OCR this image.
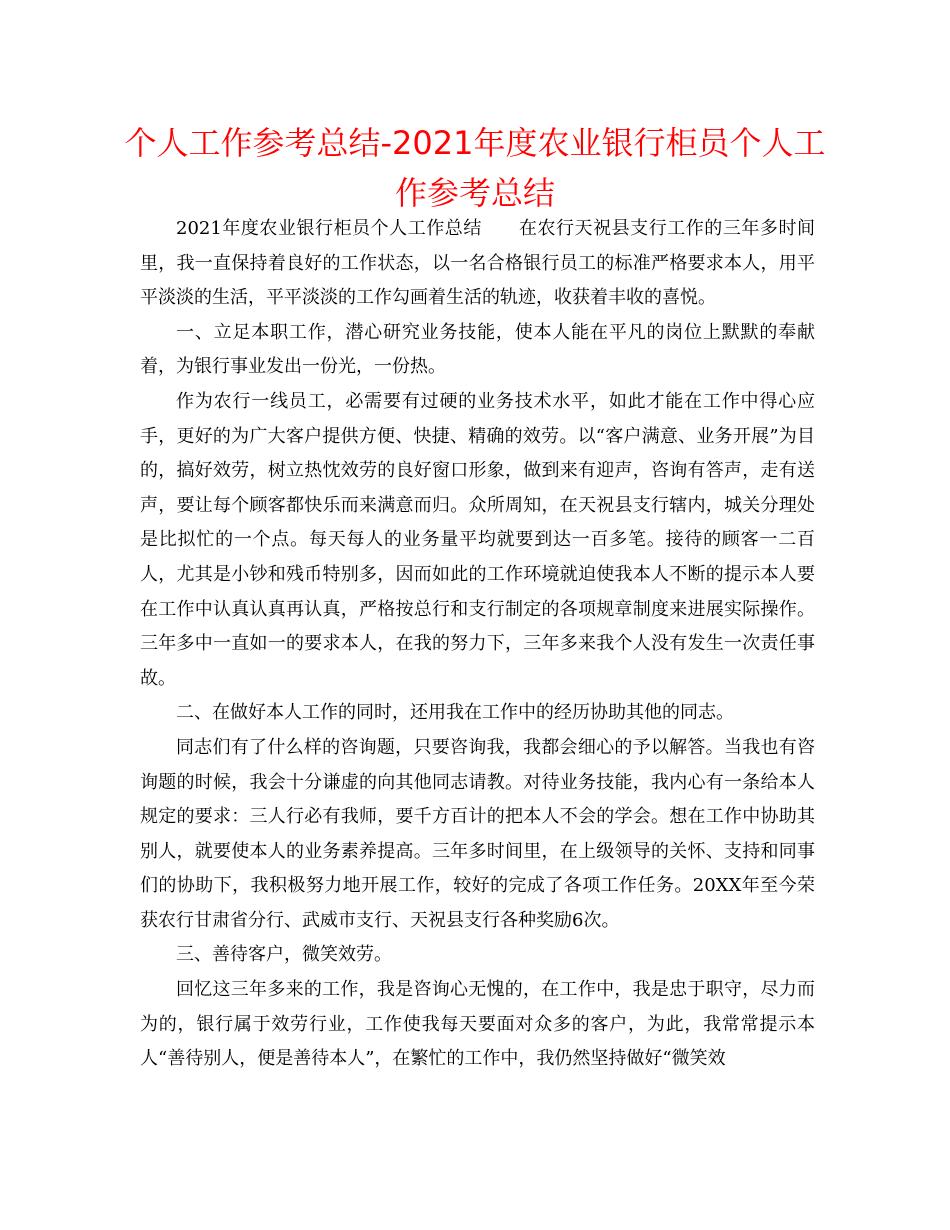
个人工作参考总结-2021年度农业银行柜员个人工作参考总结

2021年度农业银行柜员个人工作总结　　在农行天祝县支行工作的三年多时间里，我一直保持着良好的工作状态，以一名合格银行员工的标准严格要求本人，用平平淡淡的生活，平平淡淡的工作勾画着生活的轨迹，收获着丰收的喜悦。

一、立足本职工作，潜心研究业务技能，使本人能在平凡的岗位上默默的奉献着，为银行事业发出一份光，一份热。

作为农行一线员工，必需要有过硬的业务技术水平，如此才能在工作中得心应手，更好的为广大客户提供方便、快捷、精确的效劳。以“客户满意、业务开展”为目的，搞好效劳，树立热忱效劳的良好窗口形象，做到来有迎声，咨询有答声，走有送声，要让每个顾客都快乐而来满意而归。众所周知，在天祝县支行辖内，城关分理处是比拟忙的一个点。每天每人的业务量平均就要到达一百多笔。接待的顾客一二百人，尤其是小钞和残币特别多，因而如此的工作环境就迫使我本人不断的提示本人要在工作中认真认真再认真，严格按总行和支行制定的各项规章制度来进展实际操作。三年多中一直如一的要求本人，在我的努力下，三年多来我个人没有发生一次责任事故。

二、在做好本人工作的同时，还用我在工作中的经历协助其他的同志。

同志们有了什么样的咨询题，只要咨询我，我都会细心的予以解答。当我也有咨询题的时候，我会十分谦虚的向其他同志请教。对待业务技能，我内心有一条给本人规定的要求：三人行必有我师，要千方百计的把本人不会的学会。想在工作中协助其别人，就要使本人的业务素养提高。三年多时间里，在上级领导的关怀、支持和同事们的协助下，我积极努力地开展工作，较好的完成了各项工作任务。20XX年至今荣获农行甘肃省分行、武威市支行、天祝县支行各种奖励6次。

三、善待客户，微笑效劳。

回忆这三年多来的工作，我是咨询心无愧的，在工作中，我是忠于职守，尽力而为的，银行属于效劳行业，工作使我每天要面对众多的客户，为此，我常常提示本人“善待别人，便是善待本人”，在繁忙的工作中，我仍然坚持做好“微笑效
